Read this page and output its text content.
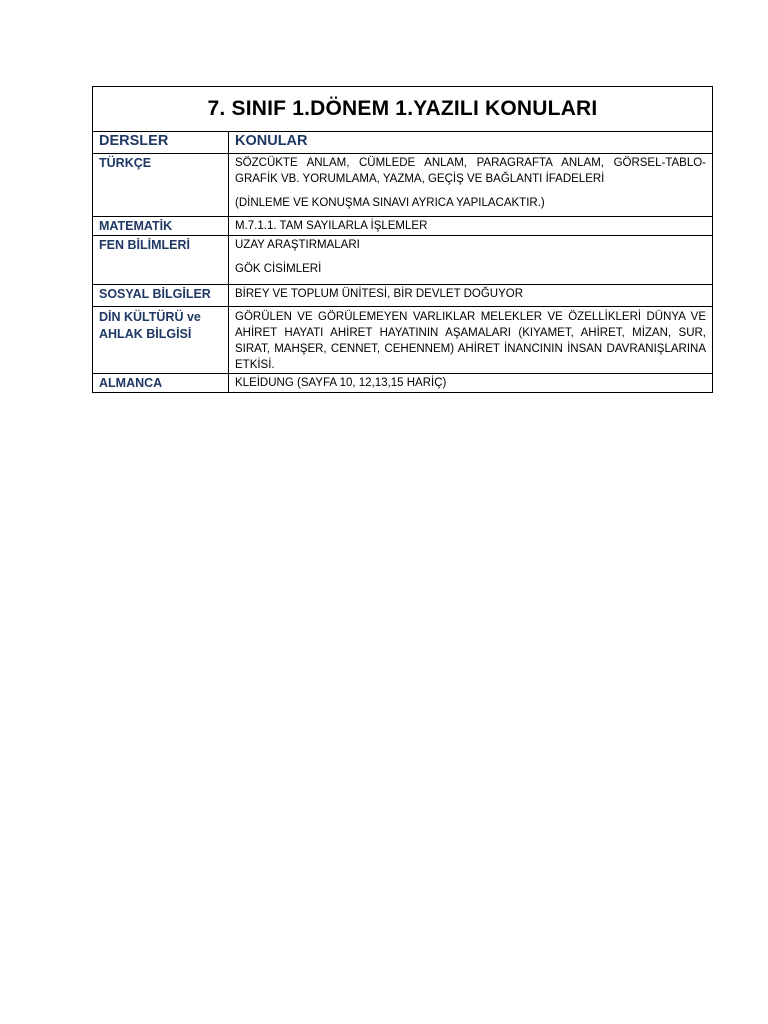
7. SINIF 1.DÖNEM 1.YAZILI KONULARI	
DERSLER	KONULAR
TÜRKÇE	SÖZCÜKTE ANLAM, CÜMLEDE ANLAM, PARAGRAFTA ANLAM, GÖRSEL-TABLO-GRAFİK VB. YORUMLAMA, YAZMA, GEÇİŞ VE BAĞLANTI İFADELERİ
(DİNLEME VE KONUŞMA SINAVI AYRICA YAPILACAKTIR.)

MATEMATİK	M.7.1.1. TAM SAYILARLA İŞLEMLER

FEN BİLİMLERİ	UZAY ARAŞTIRMALARI
GÖK CİSİMLERİ

SOSYAL BİLGİLER	BİREY VE TOPLUM ÜNİTESİ, BİR DEVLET DOĞUYOR

DİN KÜLTÜRÜ ve AHLAK BİLGİSİ	GÖRÜLEN VE GÖRÜLEMEYEN VARLIKLAR MELEKLER VE ÖZELLİKLERİ DÜNYA VE AHİRET HAYATI AHİRET HAYATININ AŞAMALARI (KIYAMET, AHİRET, MİZAN, SUR, SIRAT, MAHŞER, CENNET, CEHENNEM) AHİRET İNANCININ İNSAN DAVRANIŞLARINA ETKİSİ.

ALMANCA	KLEİDUNG (SAYFA 10, 12,13,15 HARİÇ)
